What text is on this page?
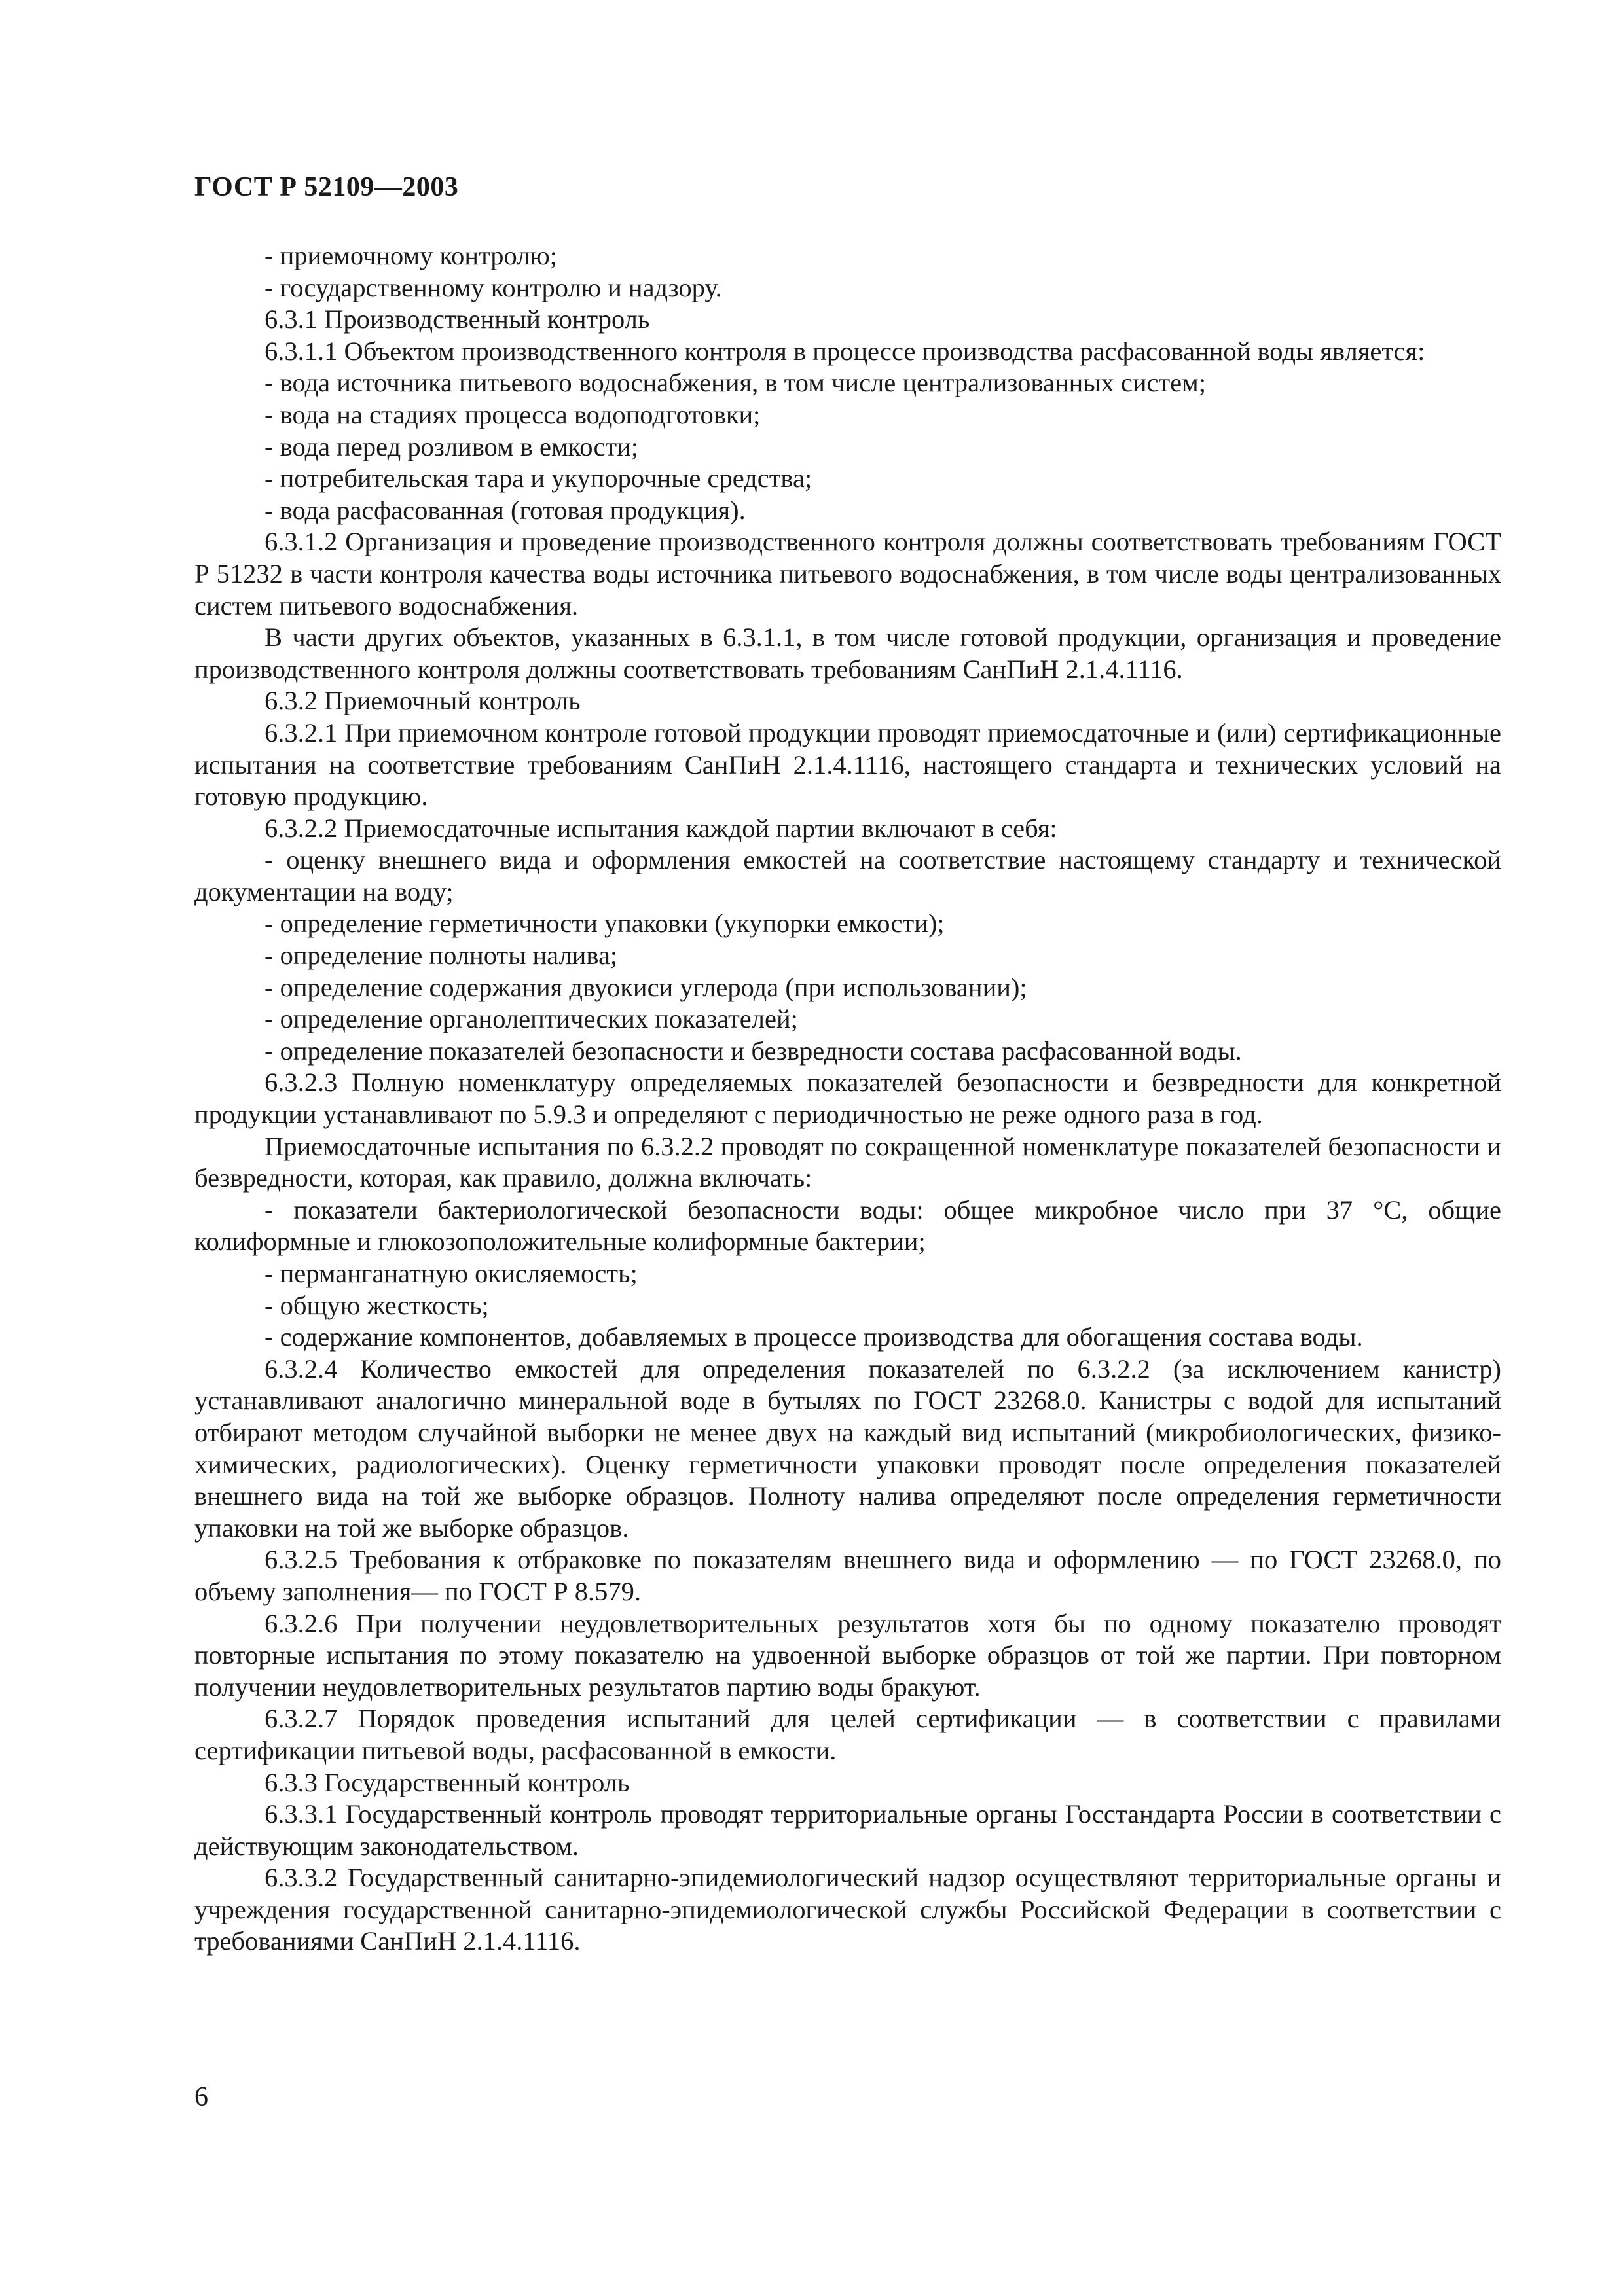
ГОСТ Р 52109—2003

- приемочному контролю;

- государственному контролю и надзору.

6.3.1 Производственный контроль

6.3.1.1 Объектом производственного контроля в процессе производства расфасованной воды является:

- вода источника питьевого водоснабжения, в том числе централизованных систем;

- вода на стадиях процесса водоподготовки;

- вода перед розливом в емкости;

- потребительская тара и укупорочные средства;

- вода расфасованная (готовая продукция).

6.3.1.2 Организация и проведение производственного контроля должны соответствовать требованиям ГОСТ Р 51232 в части контроля качества воды источника питьевого водоснабжения, в том числе воды централизованных систем питьевого водоснабжения.

В части других объектов, указанных в 6.3.1.1, в том числе готовой продукции, организация и проведение производственного контроля должны соответствовать требованиям СанПиН 2.1.4.1116.

6.3.2 Приемочный контроль

6.3.2.1 При приемочном контроле готовой продукции проводят приемосдаточные и (или) сертификационные испытания на соответствие требованиям СанПиН 2.1.4.1116, настоящего стандарта и технических условий на готовую продукцию.

6.3.2.2 Приемосдаточные испытания каждой партии включают в себя:

- оценку внешнего вида и оформления емкостей на соответствие настоящему стандарту и технической документации на воду;

- определение герметичности упаковки (укупорки емкости);

- определение полноты налива;

- определение содержания двуокиси углерода (при использовании);

- определение органолептических показателей;

- определение показателей безопасности и безвредности состава расфасованной воды.

6.3.2.3 Полную номенклатуру определяемых показателей безопасности и безвредности для конкретной продукции устанавливают по 5.9.3 и определяют с периодичностью не реже одного раза в год.

Приемосдаточные испытания по 6.3.2.2 проводят по сокращенной номенклатуре показателей безопасности и безвредности, которая, как правило, должна включать:

- показатели бактериологической безопасности воды: общее микробное число при 37 °С, общие колиформные и глюкозоположительные колиформные бактерии;

- перманганатную окисляемость;

- общую жесткость;

- содержание компонентов, добавляемых в процессе производства для обогащения состава воды.

6.3.2.4 Количество емкостей для определения показателей по 6.3.2.2 (за исключением канистр) устанавливают аналогично минеральной воде в бутылях по ГОСТ 23268.0. Канистры с водой для испытаний отбирают методом случайной выборки не менее двух на каждый вид испытаний (микробиологических, физико-химических, радиологических). Оценку герметичности упаковки проводят после определения показателей внешнего вида на той же выборке образцов. Полноту налива определяют после определения герметичности упаковки на той же выборке образцов.

6.3.2.5 Требования к отбраковке по показателям внешнего вида и оформлению — по ГОСТ 23268.0, по объему заполнения— по ГОСТ Р 8.579.

6.3.2.6 При получении неудовлетворительных результатов хотя бы по одному показателю проводят повторные испытания по этому показателю на удвоенной выборке образцов от той же партии. При повторном получении неудовлетворительных результатов партию воды бракуют.

6.3.2.7 Порядок проведения испытаний для целей сертификации — в соответствии с правилами сертификации питьевой воды, расфасованной в емкости.

6.3.3 Государственный контроль

6.3.3.1 Государственный контроль проводят территориальные органы Госстандарта России в соответствии с действующим законодательством.

6.3.3.2 Государственный санитарно-эпидемиологический надзор осуществляют территориальные органы и учреждения государственной санитарно-эпидемиологической службы Российской Федерации в соответствии с требованиями СанПиН 2.1.4.1116.

6
